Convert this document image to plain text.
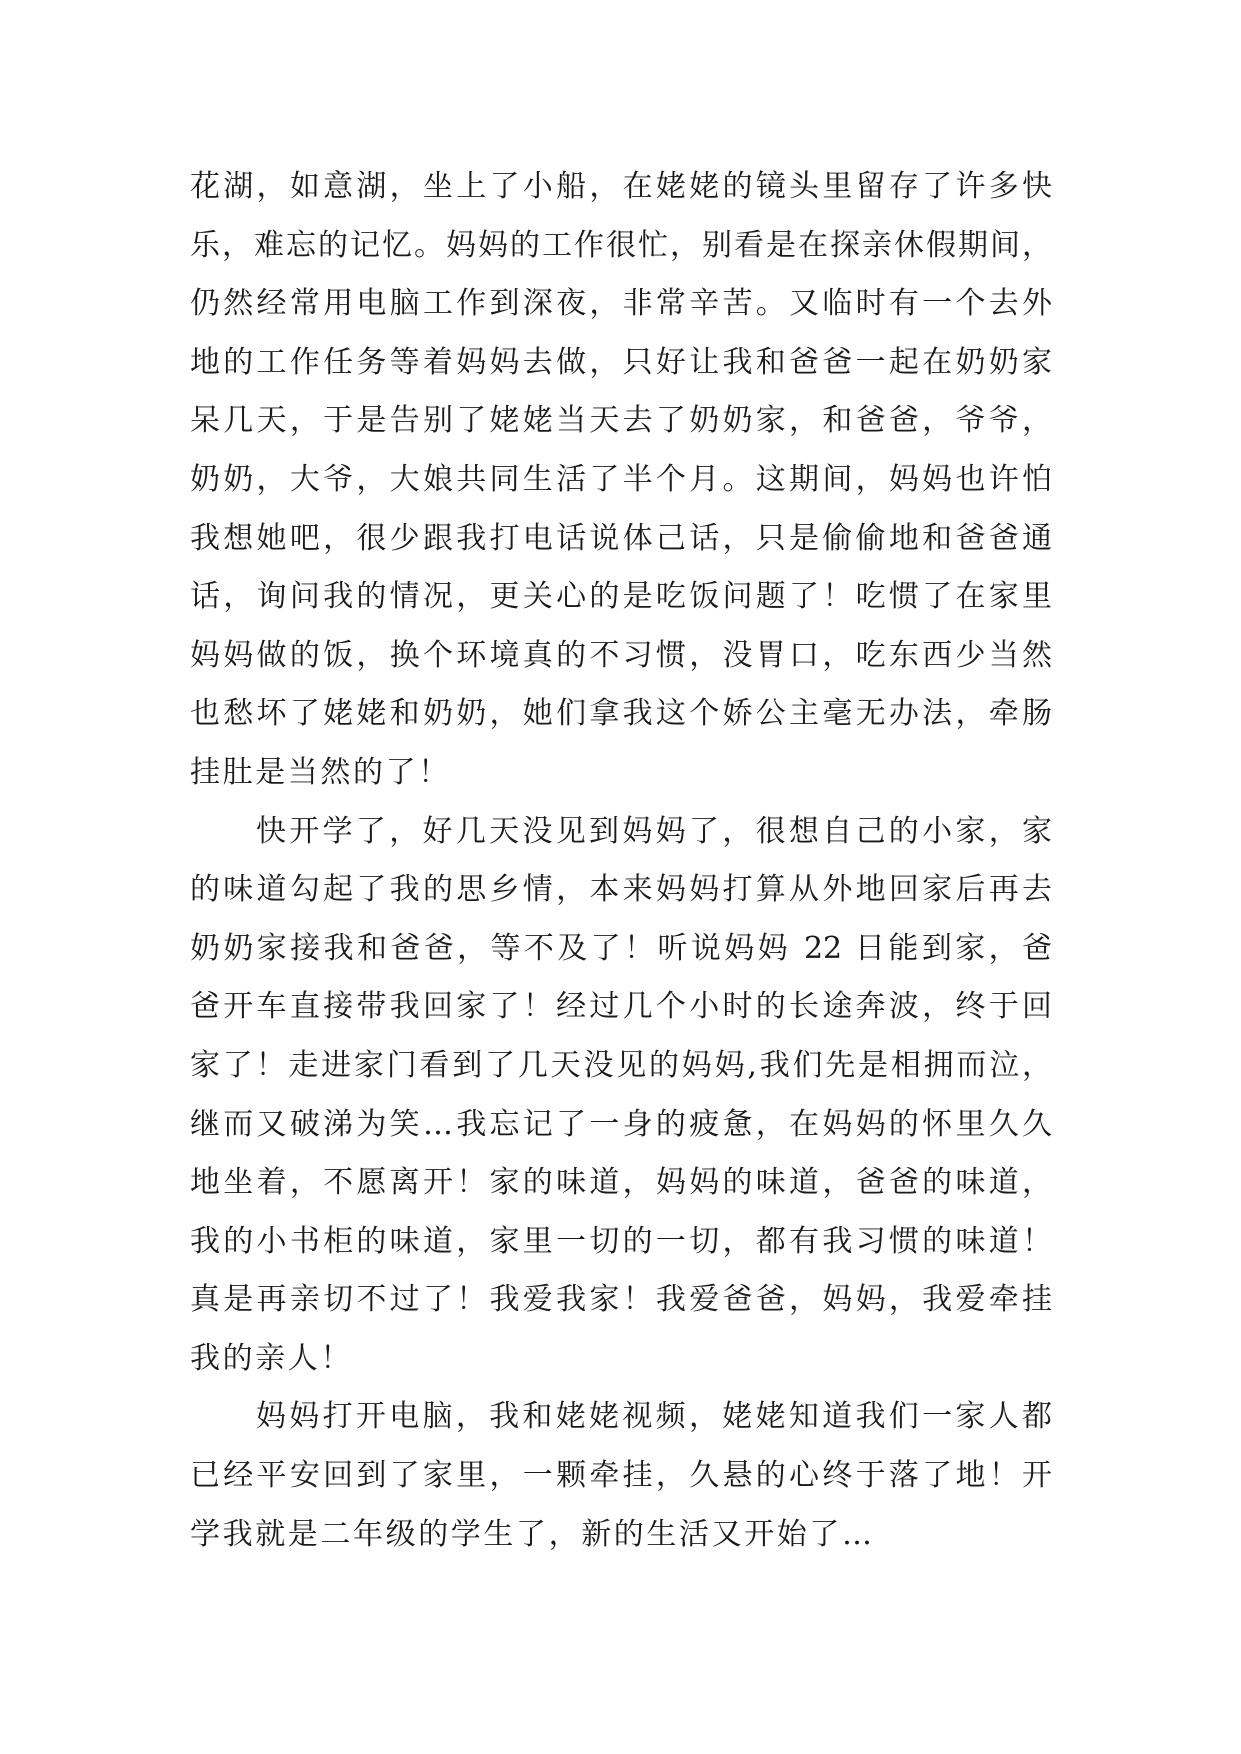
花湖，如意湖，坐上了小船，在姥姥的镜头里留存了许多快
乐，难忘的记忆。妈妈的工作很忙，别看是在探亲休假期间，
仍然经常用电脑工作到深夜，非常辛苦。又临时有一个去外
地的工作任务等着妈妈去做，只好让我和爸爸一起在奶奶家
呆几天，于是告别了姥姥当天去了奶奶家，和爸爸，爷爷，
奶奶，大爷，大娘共同生活了半个月。这期间，妈妈也许怕
我想她吧，很少跟我打电话说体己话，只是偷偷地和爸爸通
话，询问我的情况，更关心的是吃饭问题了！吃惯了在家里
妈妈做的饭，换个环境真的不习惯，没胃口，吃东西少当然
也愁坏了姥姥和奶奶，她们拿我这个娇公主毫无办法，牵肠
挂肚是当然的了！
快开学了，好几天没见到妈妈了，很想自己的小家，家
的味道勾起了我的思乡情，本来妈妈打算从外地回家后再去
奶奶家接我和爸爸，等不及了！听说妈妈 22 日能到家，爸
爸开车直接带我回家了！经过几个小时的长途奔波，终于回
家了！走进家门看到了几天没见的妈妈,我们先是相拥而泣，
继而又破涕为笑…我忘记了一身的疲惫，在妈妈的怀里久久
地坐着，不愿离开！家的味道，妈妈的味道，爸爸的味道，
我的小书柜的味道，家里一切的一切，都有我习惯的味道！
真是再亲切不过了！我爱我家！我爱爸爸，妈妈，我爱牵挂
我的亲人！
妈妈打开电脑，我和姥姥视频，姥姥知道我们一家人都
已经平安回到了家里，一颗牵挂，久悬的心终于落了地！开
学我就是二年级的学生了，新的生活又开始了…
